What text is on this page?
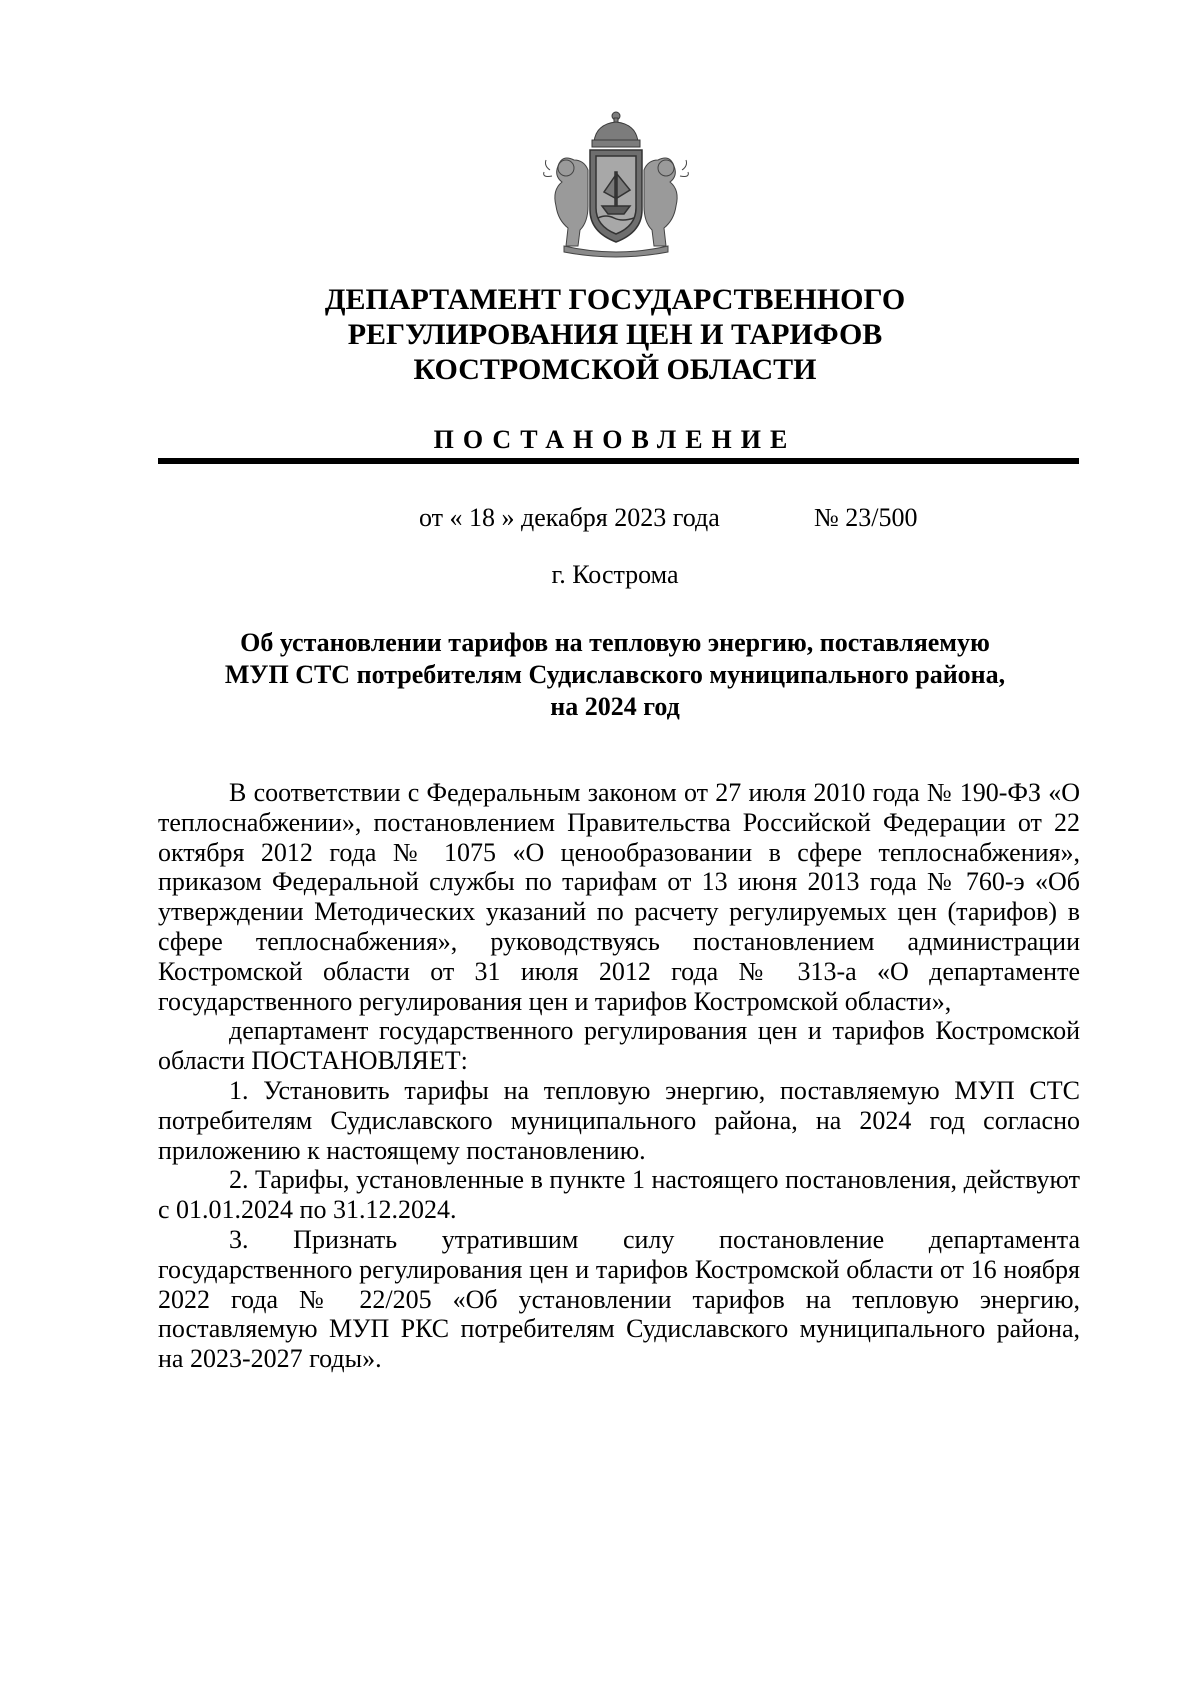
ДЕПАРТАМЕНТ ГОСУДАРСТВЕННОГО
РЕГУЛИРОВАНИЯ ЦЕН И ТАРИФОВ
КОСТРОМСКОЙ ОБЛАСТИ
ПОСТАНОВЛЕНИЕ
от « 18 » декабря 2023 года	№ 23/500
г. Кострома
Об установлении тарифов на тепловую энергию, поставляемую
МУП СТС потребителям Судиславского муниципального района,
на 2024 год

В соответствии с Федеральным законом от 27 июля 2010 года № 190-ФЗ «О теплоснабжении», постановлением Правительства Российской Федерации от 22 октября 2012 года № 1075 «О ценообразовании в сфере теплоснабжения», приказом Федеральной службы по тарифам от 13 июня 2013 года № 760-э «Об утверждении Методических указаний по расчету регулируемых цен (тарифов) в сфере теплоснабжения», руководствуясь постановлением администрации Костромской области от 31 июля 2012 года № 313-а «О департаменте государственного регулирования цен и тарифов Костромской области»,

департамент государственного регулирования цен и тарифов Костромской области ПОСТАНОВЛЯЕТ:

1. Установить тарифы на тепловую энергию, поставляемую МУП СТС потребителям Судиславского муниципального района, на 2024 год согласно приложению к настоящему постановлению.

2. Тарифы, установленные в пункте 1 настоящего постановления, действуют с 01.01.2024 по 31.12.2024.

3. Признать утратившим силу постановление департамента государственного регулирования цен и тарифов Костромской области от 16 ноября 2022 года № 22/205 «Об установлении тарифов на тепловую энергию, поставляемую МУП РКС потребителям Судиславского муниципального района, на 2023-2027 годы».
